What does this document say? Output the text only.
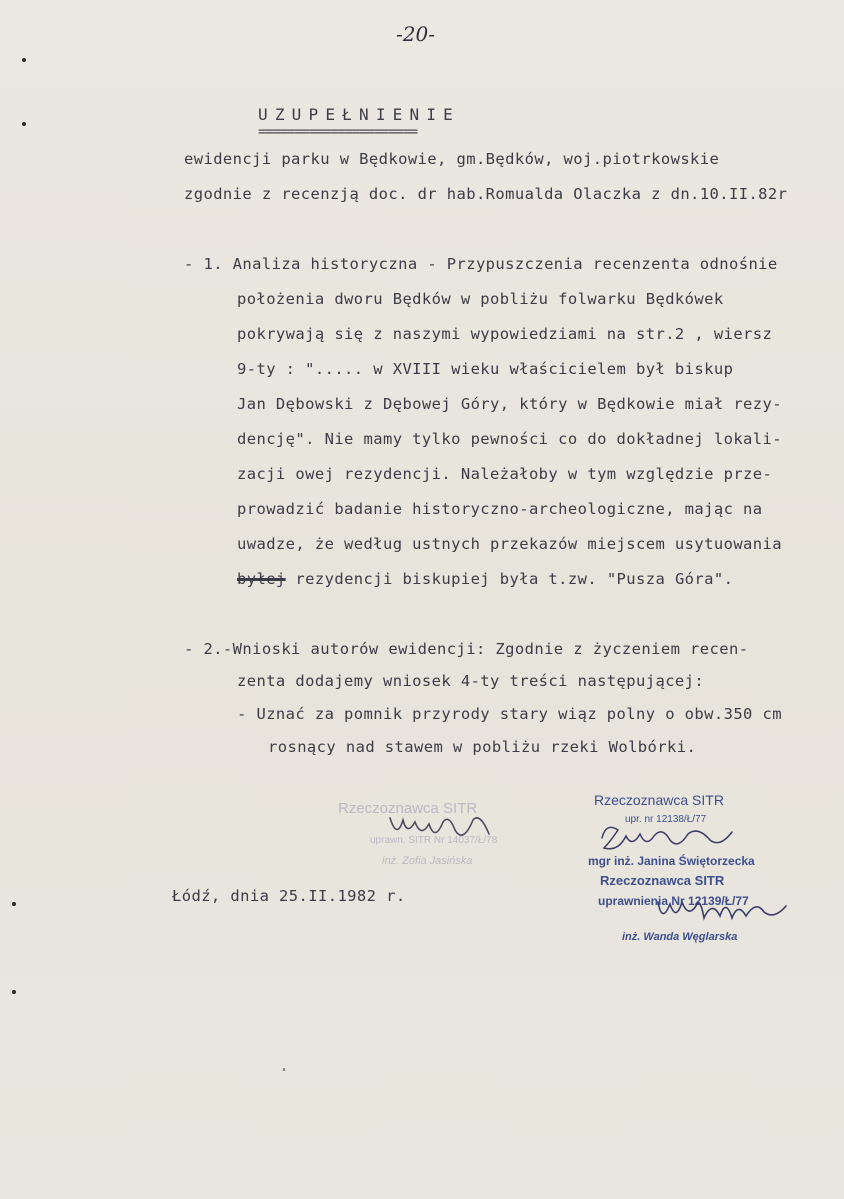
-20-
UZUPEŁNIENIE
======================
ewidencji parku w Będkowie, gm.Będków, woj.piotrkowskie
zgodnie z recenzją doc. dr hab.Romualda Olaczka z dn.10.II.82r
- 1. Analiza historyczna - Przypuszczenia recenzenta odnośnie
położenia dworu Będków w pobliżu folwarku Będkówek
pokrywają się z naszymi wypowiedziami na str.2 , wiersz
9-ty : "..... w XVIII wieku właścicielem był biskup
Jan Dębowski z Dębowej Góry, który w Będkowie miał rezy-
dencję". Nie mamy tylko pewności co do dokładnej lokali-
zacji owej rezydencji. Należałoby w tym względzie prze-
prowadzić badanie historyczno-archeologiczne, mając na
uwadze, że według ustnych przekazów miejscem usytuowania
byłej rezydencji biskupiej była t.zw. "Pusza Góra".
- 2.-Wnioski autorów ewidencji: Zgodnie z życzeniem recen-
zenta dodajemy wniosek 4-ty treści następującej:
- Uznać za pomnik przyrody stary wiąz polny o obw.350 cm
rosnący nad stawem w pobliżu rzeki Wolbórki.
Rzeczoznawca SITR
uprawn. SITR Nr 14037/Ł/78
inż. Zofia Jasińska
Rzeczoznawca SITR
upr. nr 12138/Ł/77
mgr inż. Janina Świętorzecka
Rzeczoznawca SITR
uprawnienia Nr 12139/Ł/77
inż. Wanda Węglarska
Łódź, dnia 25.II.1982 r.
